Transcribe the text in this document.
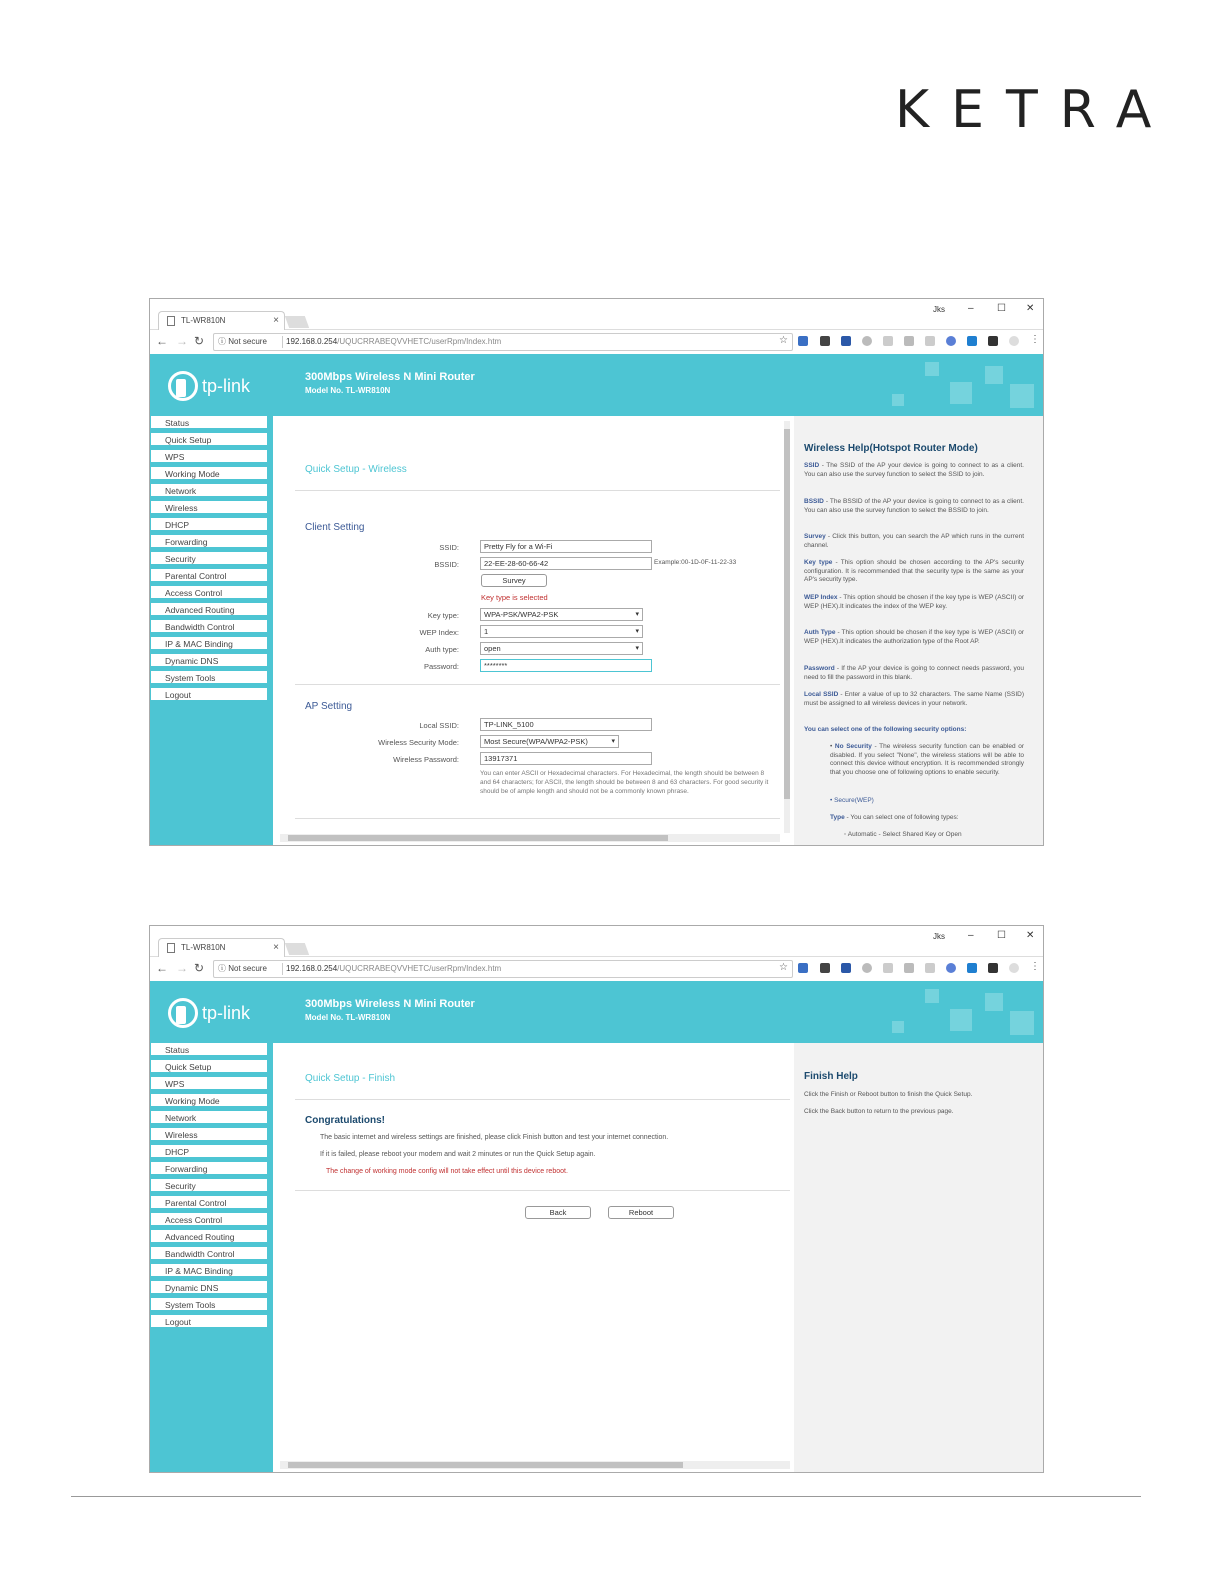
KETRA
TL-WR810N	×
Jks – ☐ ✕
← → ↻ ⓘ Not secure 192.168.0.254/UQUCRRABEQVVHETC/userRpm/Index.htm	☆	⋮
tp-link	300Mbps Wireless N Mini Router
Model No. TL-WR810N
Status
Quick Setup
WPS
Working Mode
Network
Wireless
DHCP
Forwarding
Security
Parental Control
Access Control
Advanced Routing
Bandwidth Control
IP & MAC Binding
Dynamic DNS
System Tools
Logout
Quick Setup - Wireless
Client Setting
SSID:	Pretty Fly for a Wi-Fi
BSSID:	22-EE-28-60-66-42	Example:00-1D-0F-11-22-33
Survey
Key type is selected
Key type:	WPA-PSK/WPA2-PSK ▾
WEP Index:	1 ▾
Auth type:	open ▾
Password:	********
AP Setting
Local SSID:	TP-LINK_5100
Wireless Security Mode:	Most Secure(WPA/WPA2-PSK) ▾
Wireless Password:	13917371
You can enter ASCII or Hexadecimal characters. For Hexadecimal, the length should be between 8 and 64 characters; for ASCII, the length should be between 8 and 63 characters. For good security it should be of ample length and should not be a commonly known phrase.
Wireless Help(Hotspot Router Mode)
SSID - The SSID of the AP your device is going to connect to as a client. You can also use the survey function to select the SSID to join.
BSSID - The BSSID of the AP your device is going to connect to as a client. You can also use the survey function to select the BSSID to join.
Survey - Click this button, you can search the AP which runs in the current channel.
Key type - This option should be chosen according to the AP's security configuration. It is recommended that the security type is the same as your AP's security type.
WEP Index - This option should be chosen if the key type is WEP (ASCII) or WEP (HEX).It indicates the index of the WEP key.
Auth Type - This option should be chosen if the key type is WEP (ASCII) or WEP (HEX).It indicates the authorization type of the Root AP.
Password - If the AP your device is going to connect needs password, you need to fill the password in this blank.
Local SSID - Enter a value of up to 32 characters. The same Name (SSID) must be assigned to all wireless devices in your network.
You can select one of the following security options:
• No Security - The wireless security function can be enabled or disabled. If you select "None", the wireless stations will be able to connect this device without encryption. It is recommended strongly that you choose one of following options to enable security.
• Secure(WEP)
Type - You can select one of following types:
◦ Automatic - Select Shared Key or Open
TL-WR810N	×
Jks – ☐ ✕
← → ↻ ⓘ Not secure 192.168.0.254/UQUCRRABEQVVHETC/userRpm/Index.htm	☆	⋮
tp-link	300Mbps Wireless N Mini Router
Model No. TL-WR810N
Status
Quick Setup
WPS
Working Mode
Network
Wireless
DHCP
Forwarding
Security
Parental Control
Access Control
Advanced Routing
Bandwidth Control
IP & MAC Binding
Dynamic DNS
System Tools
Logout
Quick Setup - Finish
Congratulations!
The basic internet and wireless settings are finished, please click Finish button and test your internet connection.
If it is failed, please reboot your modem and wait 2 minutes or run the Quick Setup again.
The change of working mode config will not take effect until this device reboot.
Back	Reboot
Finish Help
Click the Finish or Reboot button to finish the Quick Setup.
Click the Back button to return to the previous page.
